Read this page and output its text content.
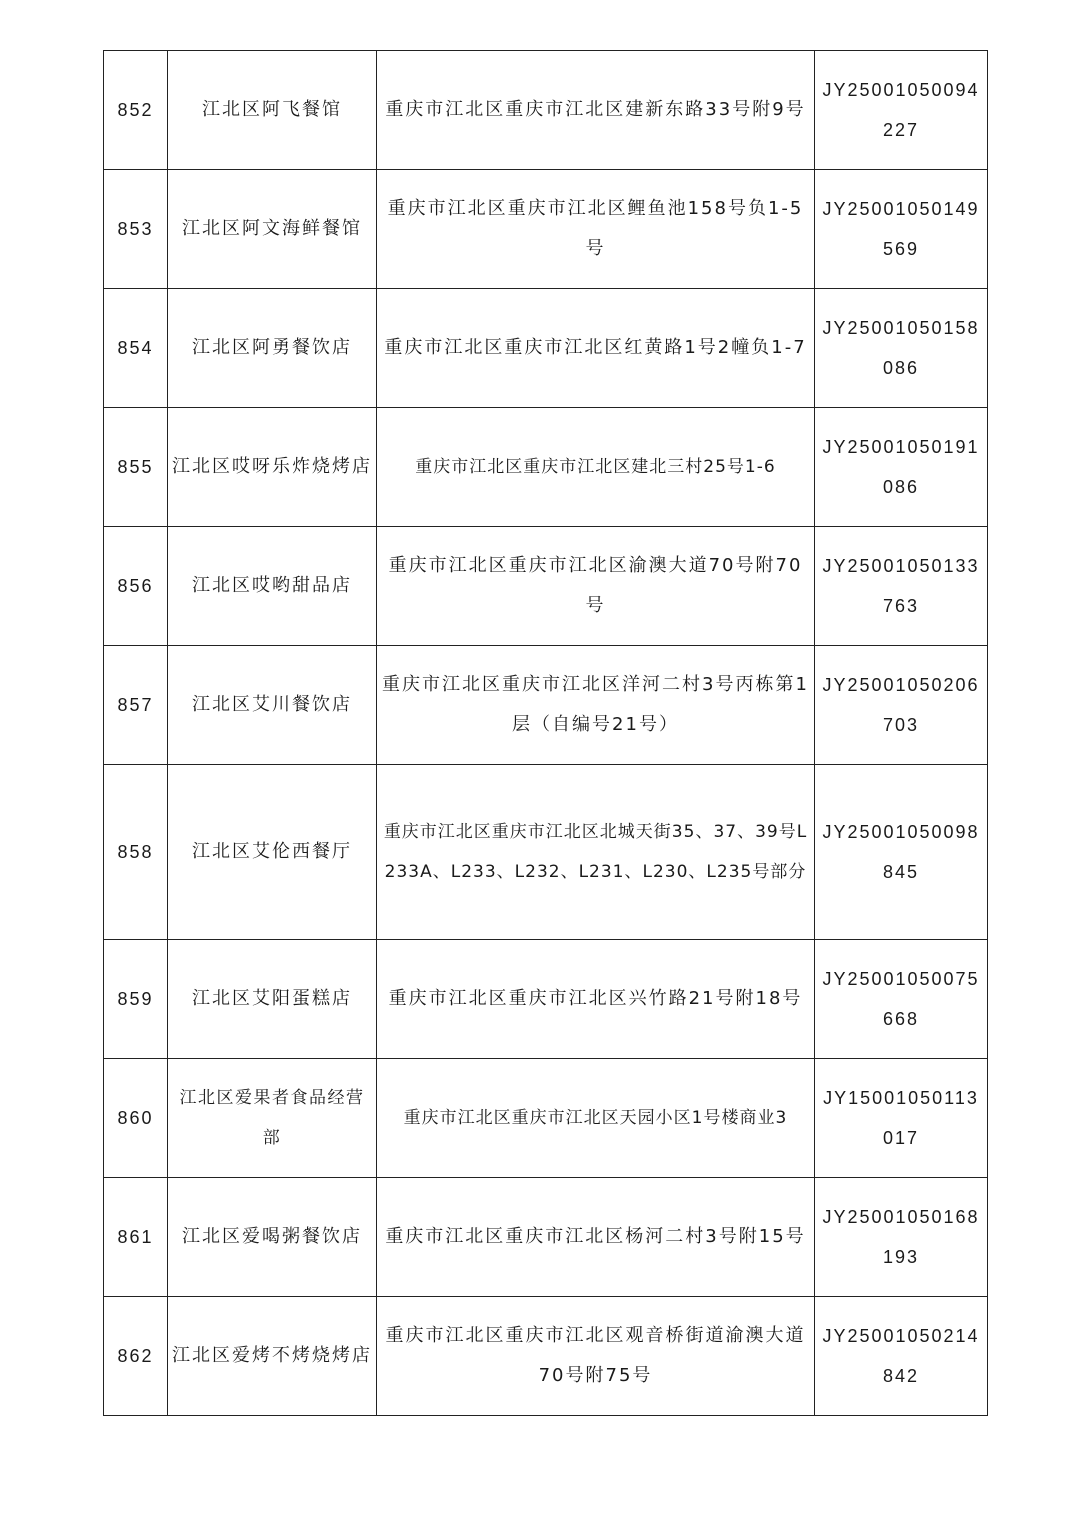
852	江北区阿飞餐馆	重庆市江北区重庆市江北区建新东路33号附9号	JY25001050094227
853	江北区阿文海鲜餐馆	重庆市江北区重庆市江北区鲤鱼池158号负1-5号	JY25001050149569
854	江北区阿勇餐饮店	重庆市江北区重庆市江北区红黄路1号2幢负1-7	JY25001050158086
855	江北区哎呀乐炸烧烤店	重庆市江北区重庆市江北区建北三村25号1-6	JY25001050191086
856	江北区哎哟甜品店	重庆市江北区重庆市江北区渝澳大道70号附70号	JY25001050133763
857	江北区艾川餐饮店	重庆市江北区重庆市江北区洋河二村3号丙栋第1层（自编号21号）	JY25001050206703
858	江北区艾伦西餐厅	重庆市江北区重庆市江北区北城天街35、37、39号L233A、L233、L232、L231、L230、L235号部分	JY25001050098845
859	江北区艾阳蛋糕店	重庆市江北区重庆市江北区兴竹路21号附18号	JY25001050075668
860	江北区爱果者食品经营部	重庆市江北区重庆市江北区天园小区1号楼商业3	JY15001050113017
861	江北区爱喝粥餐饮店	重庆市江北区重庆市江北区杨河二村3号附15号	JY25001050168193
862	江北区爱烤不烤烧烤店	重庆市江北区重庆市江北区观音桥街道渝澳大道70号附75号	JY25001050214842
